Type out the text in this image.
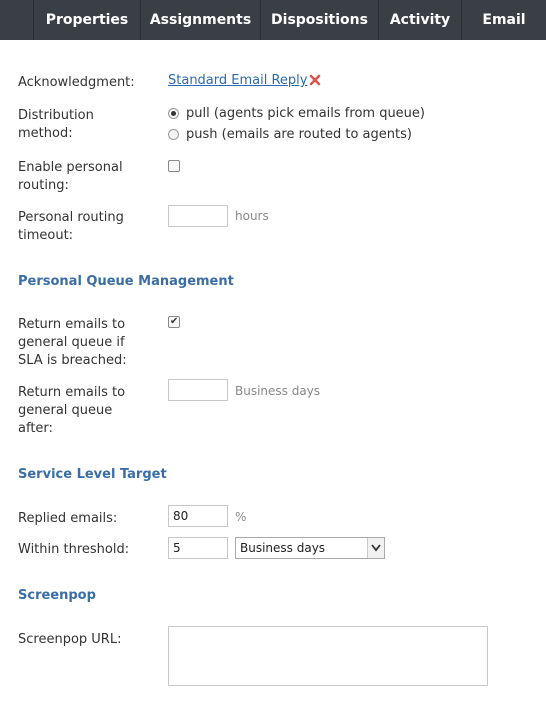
Properties	Assignments	Dispositions	Activity	Email
Acknowledgment:	Standard Email Reply
Distribution method:
pull (agents pick emails from queue)
push (emails are routed to agents)
Enable personal routing:
Personal routing timeout:
hours
Personal Queue Management
Return emails to general queue if SLA is breached:
✔
Return emails to general queue after:
Business days
Service Level Target
Replied emails:
80	%
Within threshold:
5	Business days
Screenpop
Screenpop URL:
